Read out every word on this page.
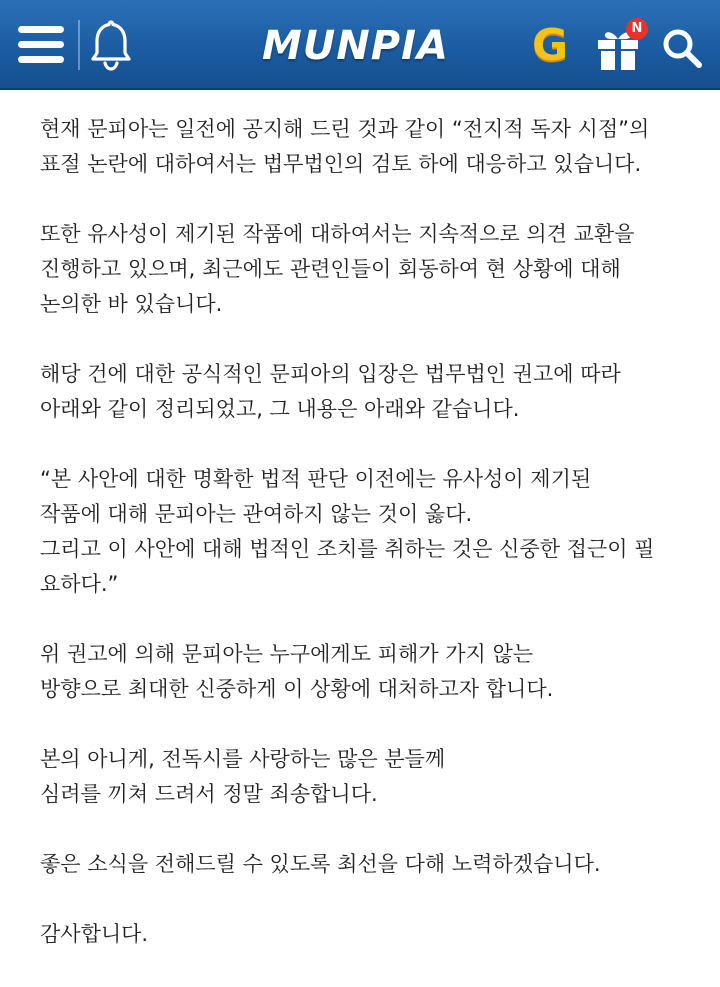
MUNPIA G	N

현재 문피아는 일전에 공지해 드린 것과 같이 “전지적 독자 시점”의
표절 논란에 대하여서는 법무법인의 검토 하에 대응하고 있습니다.

또한 유사성이 제기된 작품에 대하여서는 지속적으로 의견 교환을
진행하고 있으며, 최근에도 관련인들이 회동하여 현 상황에 대해
논의한 바 있습니다.

해당 건에 대한 공식적인 문피아의 입장은 법무법인 권고에 따라
아래와 같이 정리되었고, 그 내용은 아래와 같습니다.

“본 사안에 대한 명확한 법적 판단 이전에는 유사성이 제기된
작품에 대해 문피아는 관여하지 않는 것이 옳다.
그리고 이 사안에 대해 법적인 조치를 취하는 것은 신중한 접근이 필
요하다.”

위 권고에 의해 문피아는 누구에게도 피해가 가지 않는
방향으로 최대한 신중하게 이 상황에 대처하고자 합니다.

본의 아니게, 전독시를 사랑하는 많은 분들께
심려를 끼쳐 드려서 정말 죄송합니다.

좋은 소식을 전해드릴 수 있도록 최선을 다해 노력하겠습니다.

감사합니다.
